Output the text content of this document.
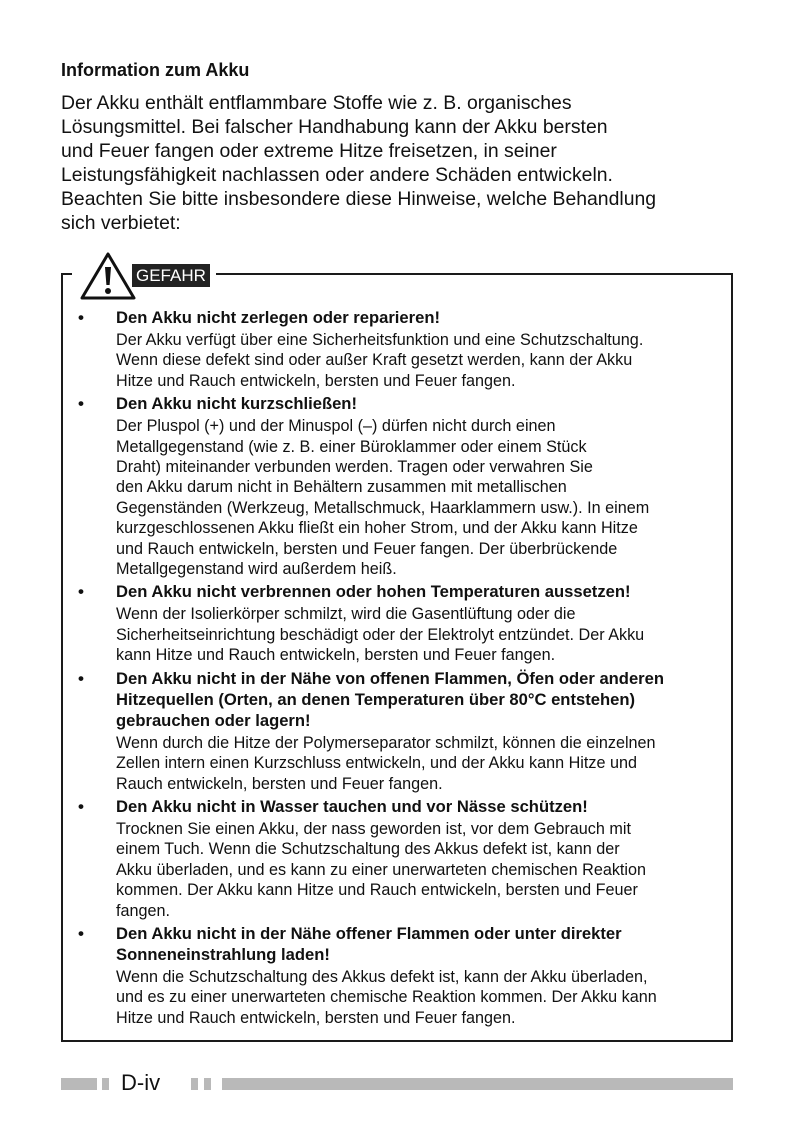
Information zum Akku
Der Akku enthält entflammbare Stoffe wie z. B. organisches
Lösungsmittel. Bei falscher Handhabung kann der Akku bersten
und Feuer fangen oder extreme Hitze freisetzen, in seiner
Leistungsfähigkeit nachlassen oder andere Schäden entwickeln.
Beachten Sie bitte insbesondere diese Hinweise, welche Behandlung
sich verbietet:
GEFAHR
• Den Akku nicht zerlegen oder reparieren!
Der Akku verfügt über eine Sicherheitsfunktion und eine Schutzschaltung.
Wenn diese defekt sind oder außer Kraft gesetzt werden, kann der Akku
Hitze und Rauch entwickeln, bersten und Feuer fangen.
• Den Akku nicht kurzschließen!
Der Pluspol (+) und der Minuspol (–) dürfen nicht durch einen
Metallgegenstand (wie z. B. einer Büroklammer oder einem Stück
Draht) miteinander verbunden werden. Tragen oder verwahren Sie
den Akku darum nicht in Behältern zusammen mit metallischen
Gegenständen (Werkzeug, Metallschmuck, Haarklammern usw.). In einem
kurzgeschlossenen Akku fließt ein hoher Strom, und der Akku kann Hitze
und Rauch entwickeln, bersten und Feuer fangen. Der überbrückende
Metallgegenstand wird außerdem heiß.
• Den Akku nicht verbrennen oder hohen Temperaturen aussetzen!
Wenn der Isolierkörper schmilzt, wird die Gasentlüftung oder die
Sicherheitseinrichtung beschädigt oder der Elektrolyt entzündet. Der Akku
kann Hitze und Rauch entwickeln, bersten und Feuer fangen.
• Den Akku nicht in der Nähe von offenen Flammen, Öfen oder anderen
Hitzequellen (Orten, an denen Temperaturen über 80°C entstehen)
gebrauchen oder lagern!
Wenn durch die Hitze der Polymerseparator schmilzt, können die einzelnen
Zellen intern einen Kurzschluss entwickeln, und der Akku kann Hitze und
Rauch entwickeln, bersten und Feuer fangen.
• Den Akku nicht in Wasser tauchen und vor Nässe schützen!
Trocknen Sie einen Akku, der nass geworden ist, vor dem Gebrauch mit
einem Tuch. Wenn die Schutzschaltung des Akkus defekt ist, kann der
Akku überladen, und es kann zu einer unerwarteten chemischen Reaktion
kommen. Der Akku kann Hitze und Rauch entwickeln, bersten und Feuer
fangen.
• Den Akku nicht in der Nähe offener Flammen oder unter direkter
Sonneneinstrahlung laden!
Wenn die Schutzschaltung des Akkus defekt ist, kann der Akku überladen,
und es zu einer unerwarteten chemische Reaktion kommen. Der Akku kann
Hitze und Rauch entwickeln, bersten und Feuer fangen.
D-iv
